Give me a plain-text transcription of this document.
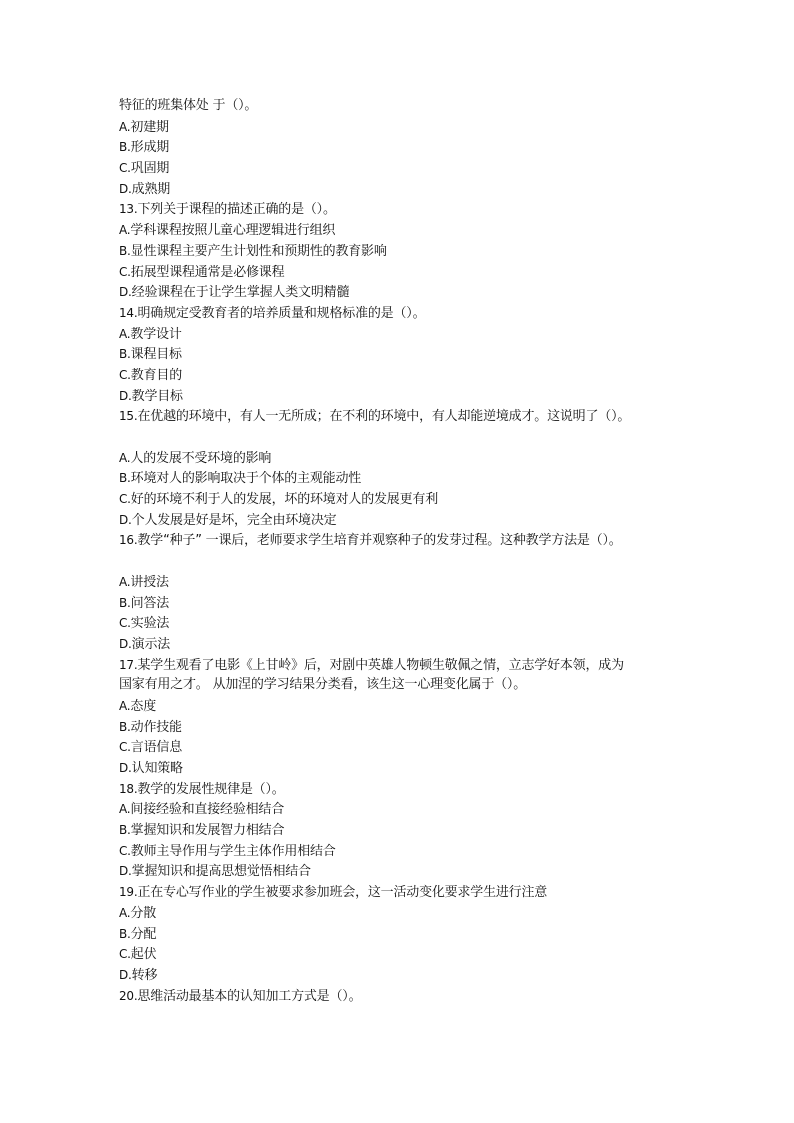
特征的班集体处 于（）。
A.初建期
B.形成期
C.巩固期
D.成熟期
13.下列关于课程的描述正确的是（）。
A.学科课程按照儿童心理逻辑进行组织
B.显性课程主要产生计划性和预期性的教育影响
C.拓展型课程通常是必修课程
D.经验课程在于让学生掌握人类文明精髓
14.明确规定受教育者的培养质量和规格标准的是（）。
A.教学设计
B.课程目标
C.教育目的
D.教学目标
15.在优越的环境中，有人一无所成；在不利的环境中，有人却能逆境成才。这说明了（）。
A.人的发展不受环境的影响
B.环境对人的影响取决于个体的主观能动性
C.好的环境不利于人的发展，坏的环境对人的发展更有利
D.个人发展是好是坏，完全由环境决定
16.教学“种子” 一课后，老师要求学生培育并观察种子的发芽过程。这种教学方法是（）。
A.讲授法
B.问答法
C.实验法
D.演示法
17.某学生观看了电影《上甘岭》后，对剧中英雄人物顿生敬佩之情，立志学好本领，成为
国家有用之才。 从加涅的学习结果分类看，该生这一心理变化属于（）。
A.态度
B.动作技能
C.言语信息
D.认知策略
18.教学的发展性规律是（）。
A.间接经验和直接经验相结合
B.掌握知识和发展智力相结合
C.教师主导作用与学生主体作用相结合
D.掌握知识和提高思想觉悟相结合
19.正在专心写作业的学生被要求参加班会，这一活动变化要求学生进行注意
A.分散
B.分配
C.起伏
D.转移
20.思维活动最基本的认知加工方式是（）。
